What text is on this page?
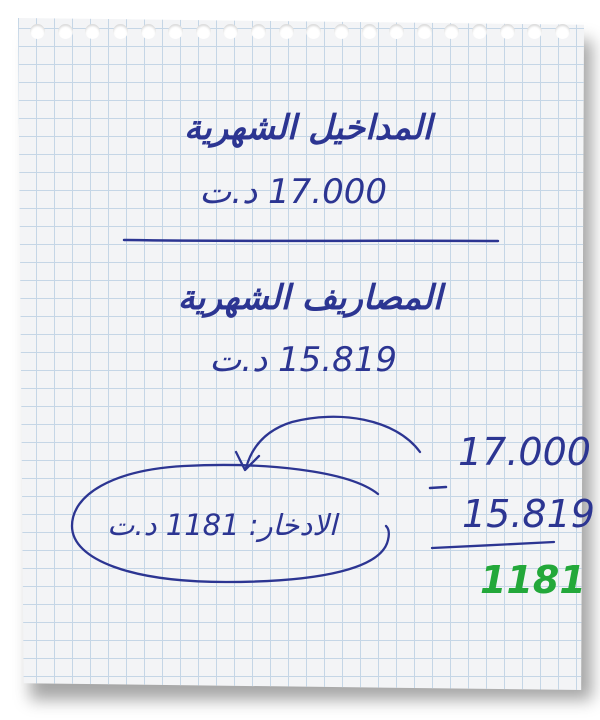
المداخيل الشهرية
17.000 د.ت
المصاريف الشهرية
15.819 د.ت
الادخار: 1181 د.ت
17.000
15.819
1181
